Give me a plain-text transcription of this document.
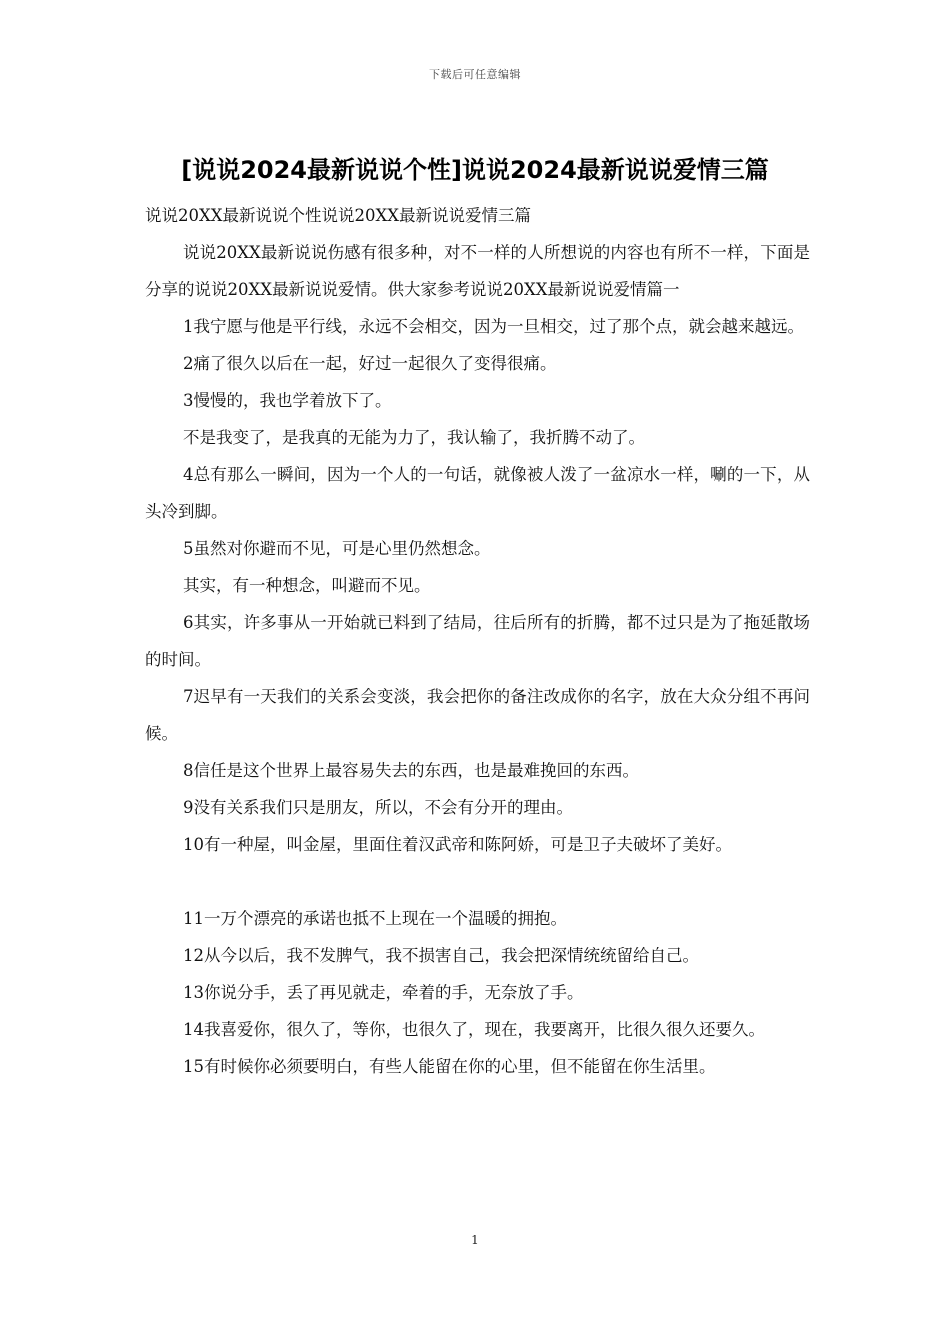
下载后可任意编辑
[说说2024最新说说个性]说说2024最新说说爱情三篇

说说20XX最新说说个性说说20XX最新说说爱情三篇

说说20XX最新说说伤感有很多种，对不一样的人所想说的内容也有所不一样，下面是分享的说说20XX最新说说爱情。供大家参考说说20XX最新说说爱情篇一

1我宁愿与他是平行线，永远不会相交，因为一旦相交，过了那个点，就会越来越远。

2痛了很久以后在一起，好过一起很久了变得很痛。

3慢慢的，我也学着放下了。

不是我变了，是我真的无能为力了，我认输了，我折腾不动了。

4总有那么一瞬间，因为一个人的一句话，就像被人泼了一盆凉水一样，唰的一下，从头冷到脚。

5虽然对你避而不见，可是心里仍然想念。

其实，有一种想念，叫避而不见。

6其实，许多事从一开始就已料到了结局，往后所有的折腾，都不过只是为了拖延散场的时间。

7迟早有一天我们的关系会变淡，我会把你的备注改成你的名字，放在大众分组不再问候。

8信任是这个世界上最容易失去的东西，也是最难挽回的东西。

9没有关系我们只是朋友，所以，不会有分开的理由。

10有一种屋，叫金屋，里面住着汉武帝和陈阿娇，可是卫子夫破坏了美好。

11一万个漂亮的承诺也抵不上现在一个温暖的拥抱。

12从今以后，我不发脾气，我不损害自己，我会把深情统统留给自己。

13你说分手，丢了再见就走，牵着的手，无奈放了手。

14我喜爱你，很久了，等你，也很久了，现在，我要离开，比很久很久还要久。

15有时候你必须要明白，有些人能留在你的心里，但不能留在你生活里。

1
